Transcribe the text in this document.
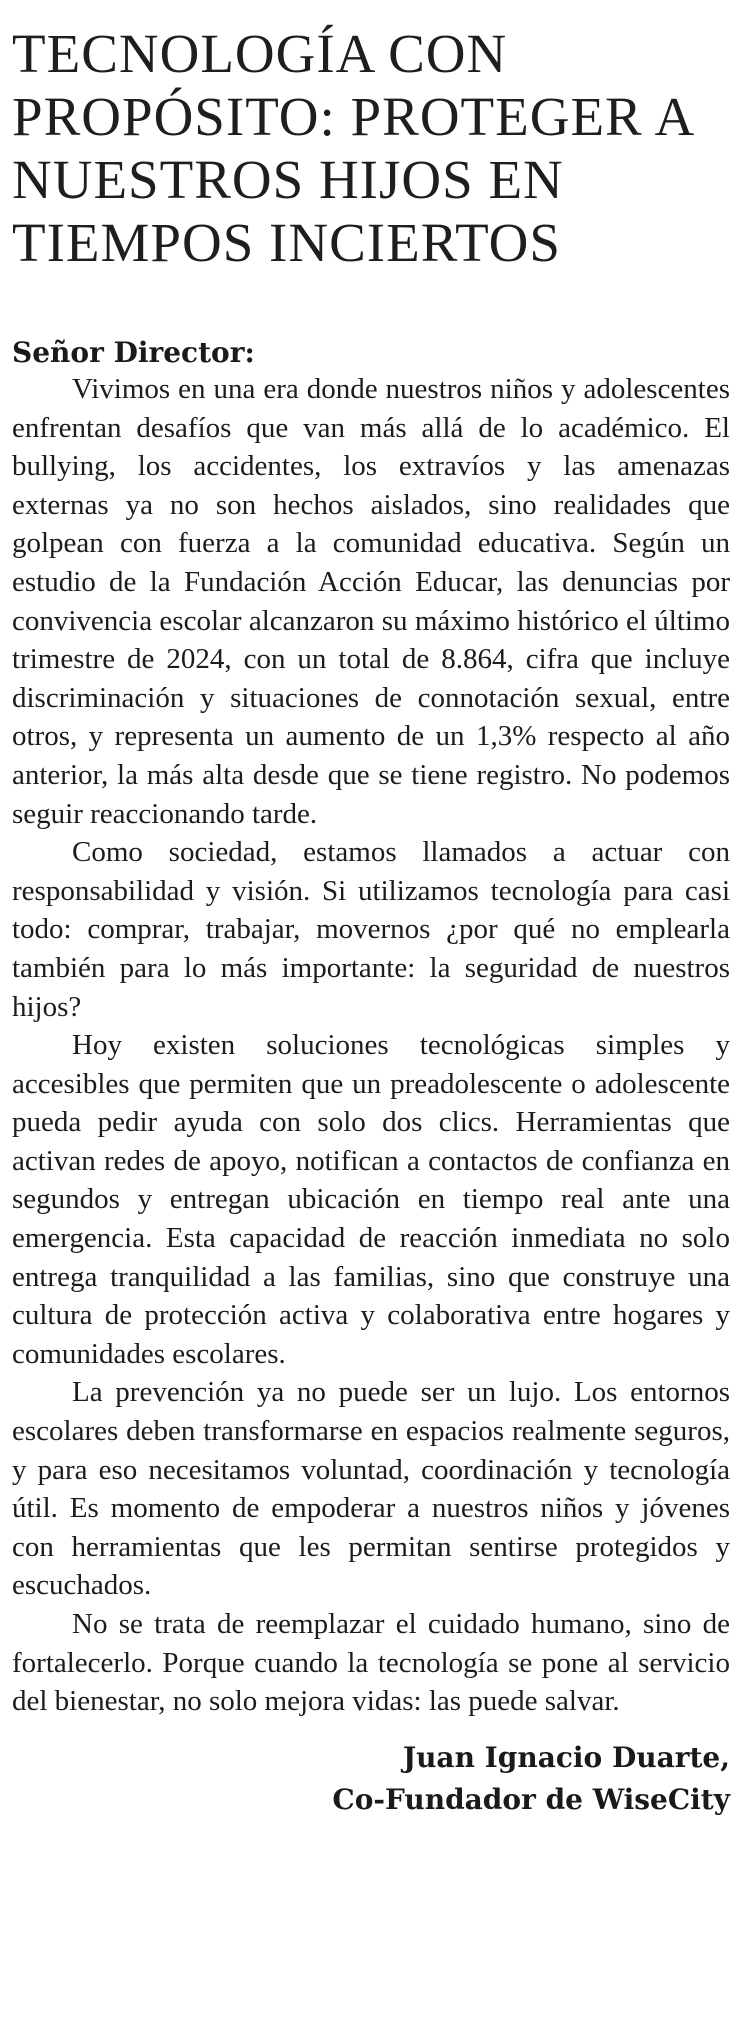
TECNOLOGÍA CON PROPÓSITO: PROTEGER A NUESTROS HIJOS EN TIEMPOS INCIERTOS
Señor Director:

Vivimos en una era donde nuestros niños y adolescentes enfrentan desafíos que van más allá de lo académico. El bullying, los accidentes, los extravíos y las amenazas externas ya no son hechos aislados, sino realidades que golpean con fuerza a la comunidad educativa. Según un estudio de la Fundación Acción Educar, las denuncias por convivencia escolar alcanzaron su máximo histórico el último trimestre de 2024, con un total de 8.864, cifra que incluye discriminación y situaciones de connotación sexual, entre otros, y representa un aumento de un 1,3% respecto al año anterior, la más alta desde que se tiene registro. No podemos seguir reaccionando tarde.

Como sociedad, estamos llamados a actuar con responsabilidad y visión. Si utilizamos tecnología para casi todo: comprar, trabajar, movernos ¿por qué no emplearla también para lo más importante: la seguridad de nuestros hijos?

Hoy existen soluciones tecnológicas simples y accesibles que permiten que un preadolescente o adolescente pueda pedir ayuda con solo dos clics. Herramientas que activan redes de apoyo, notifican a contactos de confianza en segundos y entregan ubicación en tiempo real ante una emergencia. Esta capacidad de reacción inmediata no solo entrega tranquilidad a las familias, sino que construye una cultura de protección activa y colaborativa entre hogares y comunidades escolares.

La prevención ya no puede ser un lujo. Los entornos escolares deben transformarse en espacios realmente seguros, y para eso necesitamos voluntad, coordinación y tecnología útil. Es momento de empoderar a nuestros niños y jóvenes con herramientas que les permitan sentirse protegidos y escuchados.

No se trata de reemplazar el cuidado humano, sino de fortalecerlo. Porque cuando la tecnología se pone al servicio del bienestar, no solo mejora vidas: las puede salvar.

Juan Ignacio Duarte,
Co-Fundador de WiseCity
